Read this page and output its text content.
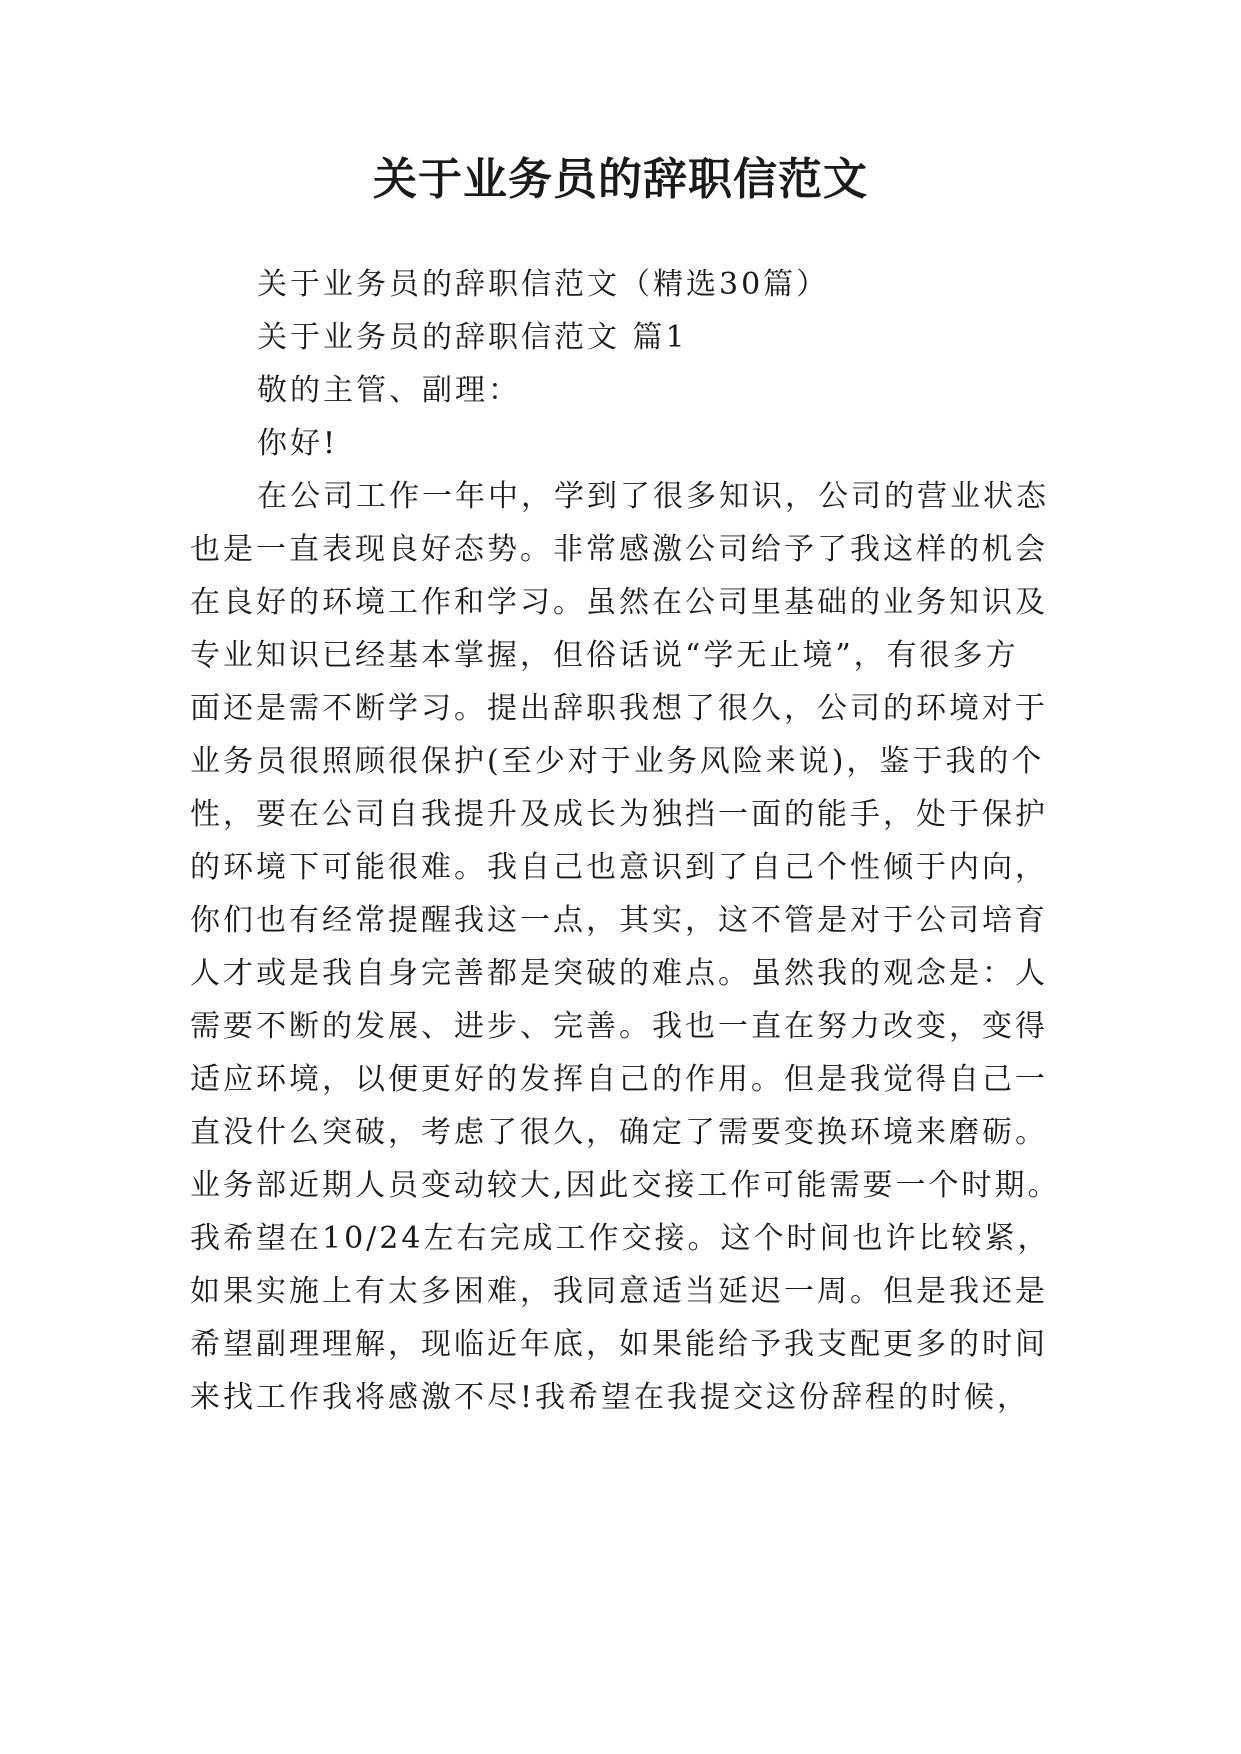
关于业务员的辞职信范文
关于业务员的辞职信范文（精选30篇）
关于业务员的辞职信范文 篇1
敬的主管、副理：
你好!
在公司工作一年中，学到了很多知识，公司的营业状态
也是一直表现良好态势。非常感激公司给予了我这样的机会
在良好的环境工作和学习。虽然在公司里基础的业务知识及
专业知识已经基本掌握，但俗话说“学无止境”，有很多方
面还是需不断学习。提出辞职我想了很久，公司的环境对于
业务员很照顾很保护(至少对于业务风险来说)，鉴于我的个
性，要在公司自我提升及成长为独挡一面的能手，处于保护
的环境下可能很难。我自己也意识到了自己个性倾于内向，
你们也有经常提醒我这一点，其实，这不管是对于公司培育
人才或是我自身完善都是突破的难点。虽然我的观念是：人
需要不断的发展、进步、完善。我也一直在努力改变，变得
适应环境，以便更好的发挥自己的作用。但是我觉得自己一
直没什么突破，考虑了很久，确定了需要变换环境来磨砺。
业务部近期人员变动较大,因此交接工作可能需要一个时期。
我希望在10/24左右完成工作交接。这个时间也许比较紧，
如果实施上有太多困难，我同意适当延迟一周。但是我还是
希望副理理解，现临近年底，如果能给予我支配更多的时间
来找工作我将感激不尽!我希望在我提交这份辞程的时候，
